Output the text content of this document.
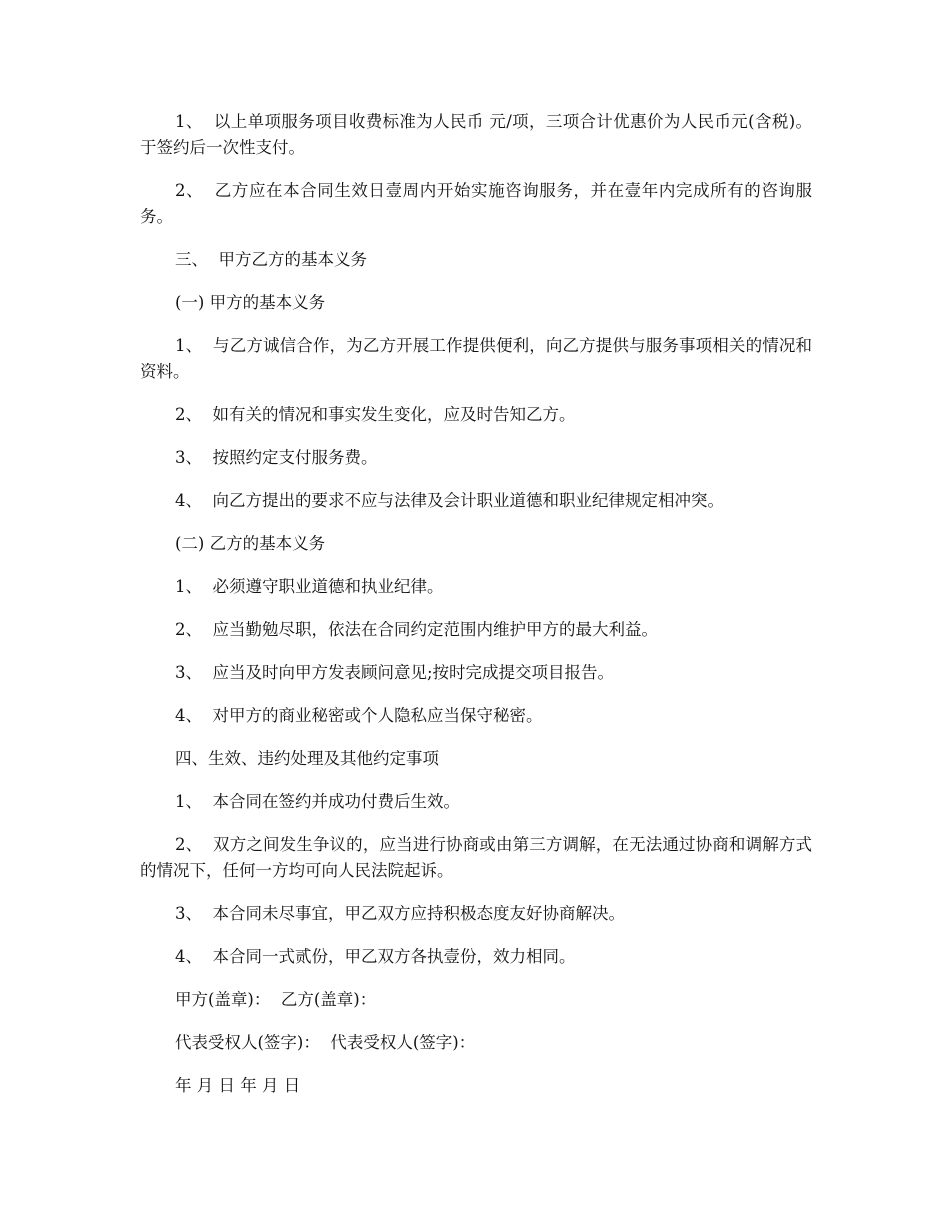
1、  以上单项服务项目收费标准为人民币 元/项，三项合计优惠价为人民币元(含税)。于签约后一次性支付。

2、  乙方应在本合同生效日壹周内开始实施咨询服务，并在壹年内完成所有的咨询服务。

三、  甲方乙方的基本义务

(一) 甲方的基本义务

1、  与乙方诚信合作，为乙方开展工作提供便利，向乙方提供与服务事项相关的情况和资料。

2、  如有关的情况和事实发生变化，应及时告知乙方。

3、  按照约定支付服务费。

4、  向乙方提出的要求不应与法律及会计职业道德和职业纪律规定相冲突。

(二) 乙方的基本义务

1、  必须遵守职业道德和执业纪律。

2、  应当勤勉尽职，依法在合同约定范围内维护甲方的最大利益。

3、  应当及时向甲方发表顾问意见;按时完成提交项目报告。

4、  对甲方的商业秘密或个人隐私应当保守秘密。

四、生效、违约处理及其他约定事项

1、  本合同在签约并成功付费后生效。

2、  双方之间发生争议的，应当进行协商或由第三方调解，在无法通过协商和调解方式的情况下，任何一方均可向人民法院起诉。

3、  本合同未尽事宜，甲乙双方应持积极态度友好协商解决。

4、  本合同一式贰份，甲乙双方各执壹份，效力相同。

甲方(盖章)：  乙方(盖章)：

代表受权人(签字)：  代表受权人(签字)：

年 月 日 年 月 日
